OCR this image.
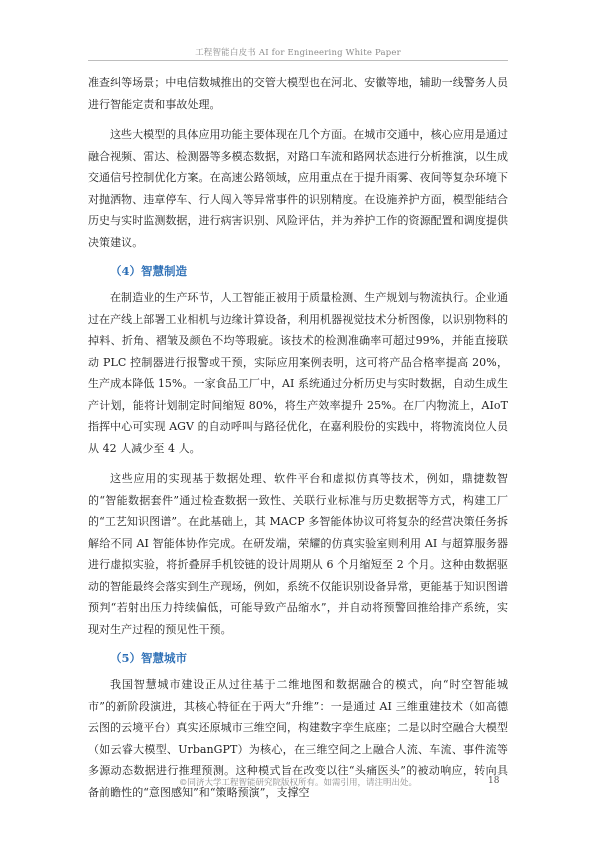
工程智能白皮书 AI for Engineering White Paper

准查纠等场景；中电信数城推出的交管大模型也在河北、安徽等地，辅助一线警务人员进行智能定责和事故处理。

这些大模型的具体应用功能主要体现在几个方面。在城市交通中，核心应用是通过融合视频、雷达、检测器等多模态数据，对路口车流和路网状态进行分析推演，以生成交通信号控制优化方案。在高速公路领域，应用重点在于提升雨雾、夜间等复杂环境下对抛洒物、违章停车、行人闯入等异常事件的识别精度。在设施养护方面，模型能结合历史与实时监测数据，进行病害识别、风险评估，并为养护工作的资源配置和调度提供决策建议。

（4）智慧制造

在制造业的生产环节，人工智能正被用于质量检测、生产规划与物流执行。企业通过在产线上部署工业相机与边缘计算设备，利用机器视觉技术分析图像，以识别物料的掉料、折角、褶皱及颜色不均等瑕疵。该技术的检测准确率可超过99%，并能直接联动 PLC 控制器进行报警或干预，实际应用案例表明，这可将产品合格率提高 20%，生产成本降低 15%。一家食品工厂中，AI 系统通过分析历史与实时数据，自动生成生产计划，能将计划制定时间缩短 80%，将生产效率提升 25%。在厂内物流上，AIoT 指挥中心可实现 AGV 的自动呼叫与路径优化，在嘉利股份的实践中，将物流岗位人员从 42 人减少至 4 人。

这些应用的实现基于数据处理、软件平台和虚拟仿真等技术，例如，鼎捷数智的“智能数据套件”通过检查数据一致性、关联行业标准与历史数据等方式，构建工厂的“工艺知识图谱”。在此基础上，其 MACP 多智能体协议可将复杂的经营决策任务拆解给不同 AI 智能体协作完成。在研发端，荣耀的仿真实验室则利用 AI 与超算服务器进行虚拟实验，将折叠屏手机铰链的设计周期从 6 个月缩短至 2 个月。这种由数据驱动的智能最终会落实到生产现场，例如，系统不仅能识别设备异常，更能基于知识图谱预判“若射出压力持续偏低，可能导致产品缩水”，并自动将预警回推给排产系统，实现对生产过程的预见性干预。

（5）智慧城市

我国智慧城市建设正从过往基于二维地图和数据融合的模式，向“时空智能城市”的新阶段演进，其核心特征在于两大“升维”：一是通过 AI 三维重建技术（如高德云图的云境平台）真实还原城市三维空间，构建数字孪生底座；二是以时空融合大模型（如云睿大模型、UrbanGPT）为核心，在三维空间之上融合人流、车流、事件流等多源动态数据进行推理预测。这种模式旨在改变以往“头痛医头”的被动响应，转向具备前瞻性的“意图感知”和“策略预演”，支撑空

©同济大学工程智能研究院版权所有。如需引用，请注明出处。	18
